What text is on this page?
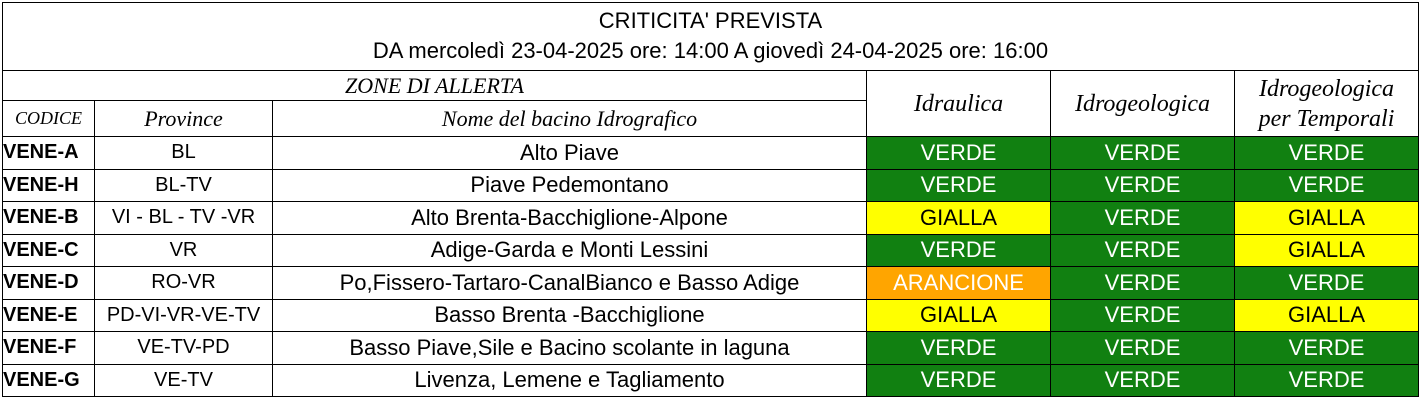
CRITICITA' PREVISTA
DA mercoledì 23-04-2025 ore: 14:00 A giovedì 24-04-2025 ore: 16:00					

ZONE DI ALLERTA			Idraulica	Idrogeologica	Idrogeologica
per Temporali

CODICE	Province	Nome del bacino Idrografico			
VENE-A	BL	Alto Piave	VERDE	VERDE	VERDE
VENE-H	BL-TV	Piave Pedemontano	VERDE	VERDE	VERDE
VENE-B	VI - BL - TV -VR	Alto Brenta-Bacchiglione-Alpone	GIALLA	VERDE	GIALLA
VENE-C	VR	Adige-Garda e Monti Lessini	VERDE	VERDE	GIALLA
VENE-D	RO-VR	Po,Fissero-Tartaro-CanalBianco e Basso Adige	ARANCIONE	VERDE	VERDE
VENE-E	PD-VI-VR-VE-TV	Basso Brenta -Bacchiglione	GIALLA	VERDE	GIALLA
VENE-F	VE-TV-PD	Basso Piave,Sile e Bacino scolante in laguna	VERDE	VERDE	VERDE
VENE-G	VE-TV	Livenza, Lemene e Tagliamento	VERDE	VERDE	VERDE
